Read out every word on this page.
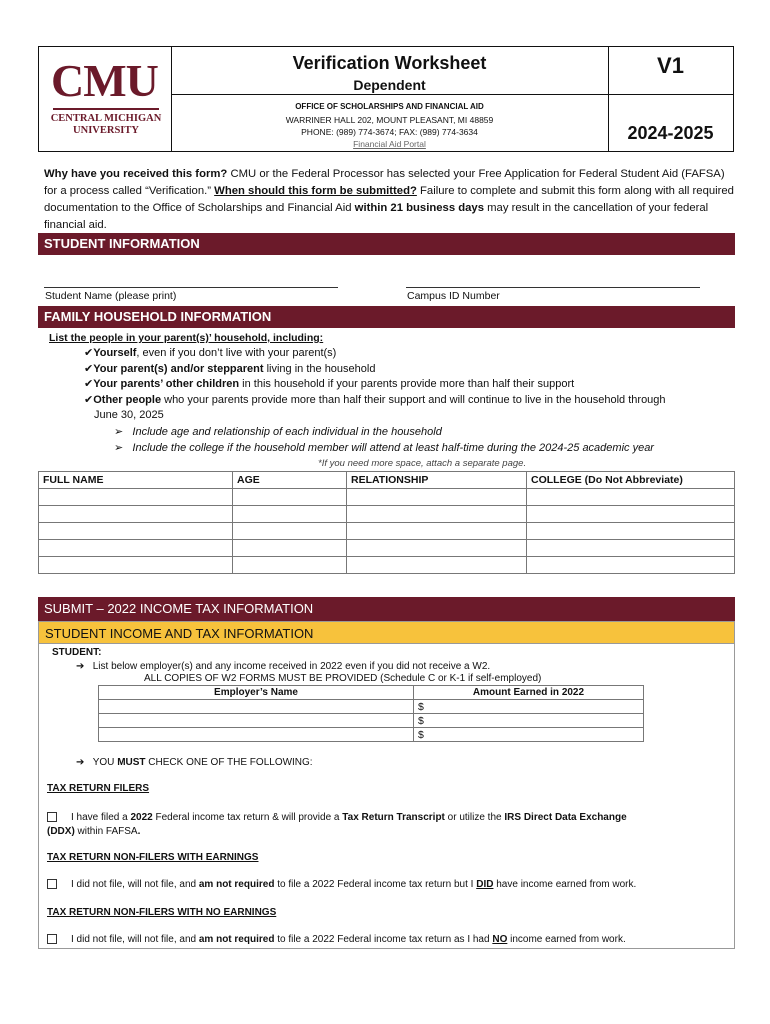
CMU
CENTRAL MICHIGAN
UNIVERSITY
Verification Worksheet
Dependent
OFFICE OF SCHOLARSHIPS AND FINANCIAL AID
WARRINER HALL 202, MOUNT PLEASANT, MI 48859
PHONE: (989) 774-3674; FAX: (989) 774-3634
Financial Aid Portal
V1
2024-2025
Why have you received this form? CMU or the Federal Processor has selected your Free Application for Federal Student Aid (FAFSA) for a process called “Verification.” When should this form be submitted? Failure to complete and submit this form along with all required documentation to the Office of Scholarships and Financial Aid within 21 business days may result in the cancellation of your federal financial aid.
STUDENT INFORMATION
Student Name (please print)	Campus ID Number
FAMILY HOUSEHOLD INFORMATION
List the people in your parent(s)’ household, including:
✔Yourself, even if you don’t live with your parent(s)
✔Your parent(s) and/or stepparent living in the household
✔Your parents’ other children in this household if your parents provide more than half their support
✔Other people who your parents provide more than half their support and will continue to live in the household through
June 30, 2025
➢ Include age and relationship of each individual in the household
➢ Include the college if the household member will attend at least half-time during the 2024-25 academic year
*If you need more space, attach a separate page.
FULL NAME	AGE	RELATIONSHIP	COLLEGE (Do Not Abbreviate)

SUBMIT – 2022 INCOME TAX INFORMATION
STUDENT INCOME AND TAX INFORMATION
STUDENT:
➔ List below employer(s) and any income received in 2022 even if you did not receive a W2.
ALL COPIES OF W2 FORMS MUST BE PROVIDED (Schedule C or K-1 if self-employed)
Employer’s Name	Amount Earned in 2022
	$
	$
	$
➔ YOU MUST CHECK ONE OF THE FOLLOWING:
TAX RETURN FILERS
I have filed a 2022 Federal income tax return & will provide a Tax Return Transcript or utilize the IRS Direct Data Exchange
(DDX) within FAFSA.
TAX RETURN NON-FILERS WITH EARNINGS
I did not file, will not file, and am not required to file a 2022 Federal income tax return but I DID have income earned from work.
TAX RETURN NON-FILERS WITH NO EARNINGS
I did not file, will not file, and am not required to file a 2022 Federal income tax return as I had NO income earned from work.
